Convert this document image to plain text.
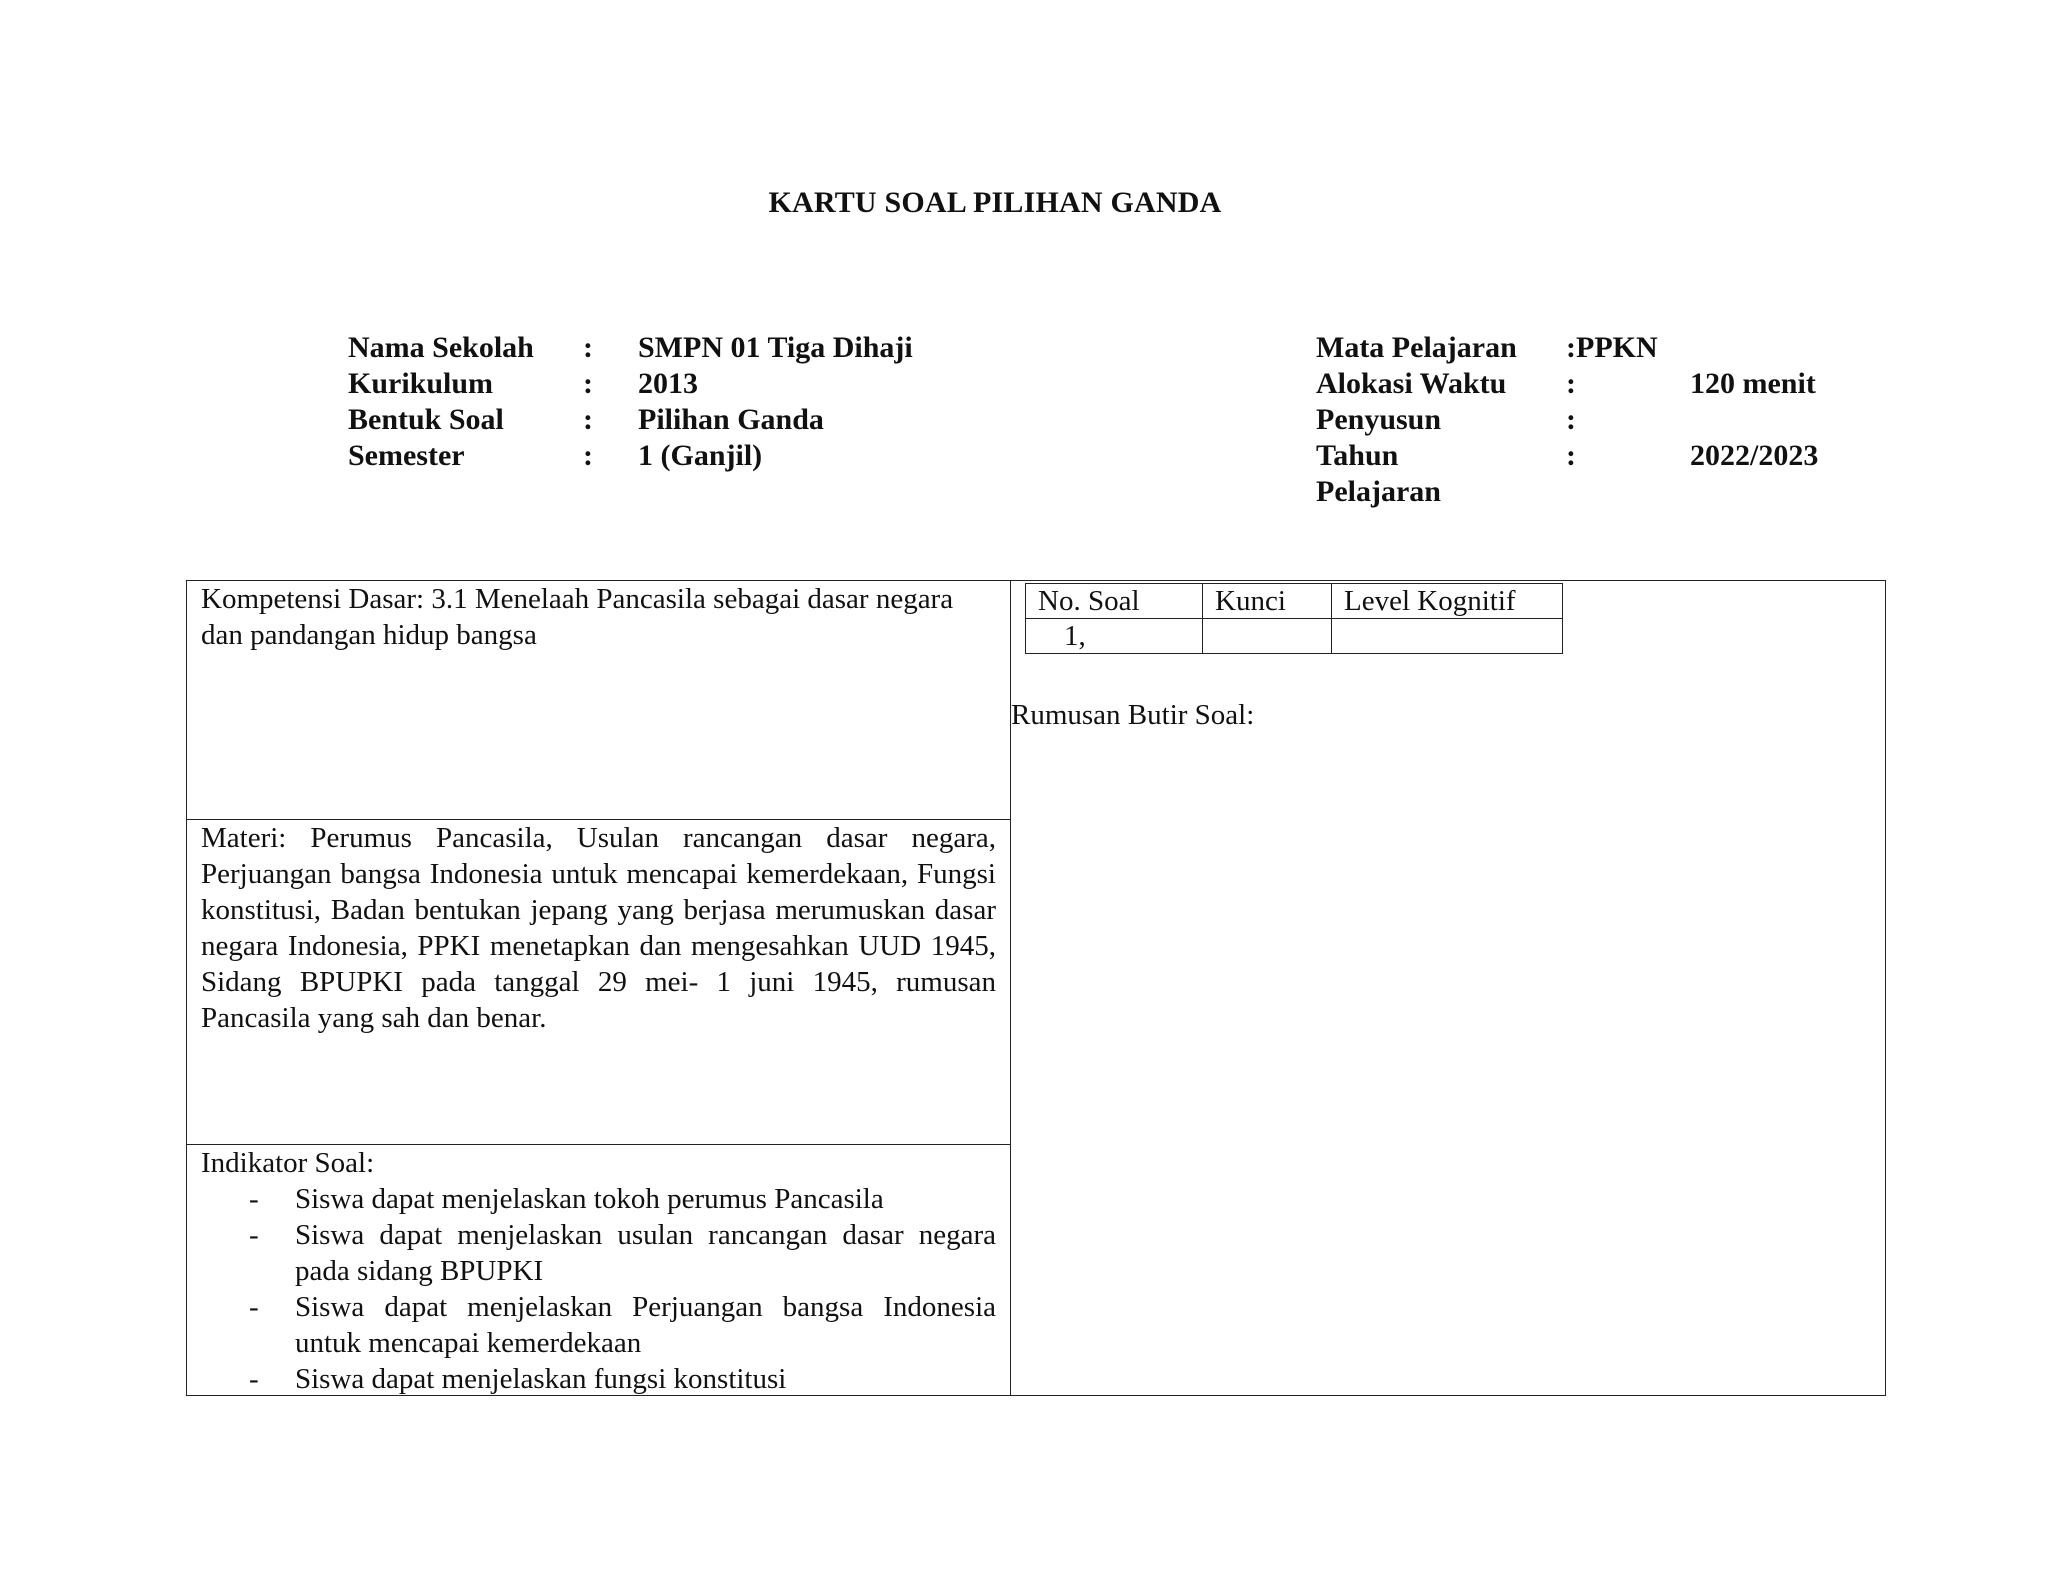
KARTU SOAL PILIHAN GANDA
Nama Sekolah : SMPN 01 Tiga Dihaji
Kurikulum	: 2013
Bentuk Soal	: Pilihan Ganda
Semester	: 1 (Ganjil)
Mata Pelajaran :PPKN
Alokasi Waktu :	120 menit
Penyusun	:
Tahun	:	2022/2023
Pelajaran
Kompetensi Dasar: 3.1 Menelaah Pancasila sebagai dasar negara dan pandangan hidup bangsa
Materi: Perumus Pancasila, Usulan rancangan dasar negara, Perjuangan bangsa Indonesia untuk mencapai kemerdekaan, Fungsi konstitusi, Badan bentukan jepang yang berjasa merumuskan dasar negara Indonesia, PPKI menetapkan dan mengesahkan UUD 1945, Sidang BPUPKI pada tanggal 29 mei- 1 juni 1945, rumusan Pancasila yang sah dan benar.
Indikator Soal:
- Siswa dapat menjelaskan tokoh perumus Pancasila
- Siswa dapat menjelaskan usulan rancangan dasar negara pada sidang BPUPKI
- Siswa dapat menjelaskan Perjuangan bangsa Indonesia untuk mencapai kemerdekaan
- Siswa dapat menjelaskan fungsi konstitusi
No. Soal	Kunci	Level Kognitif
1,		
Rumusan Butir Soal:
